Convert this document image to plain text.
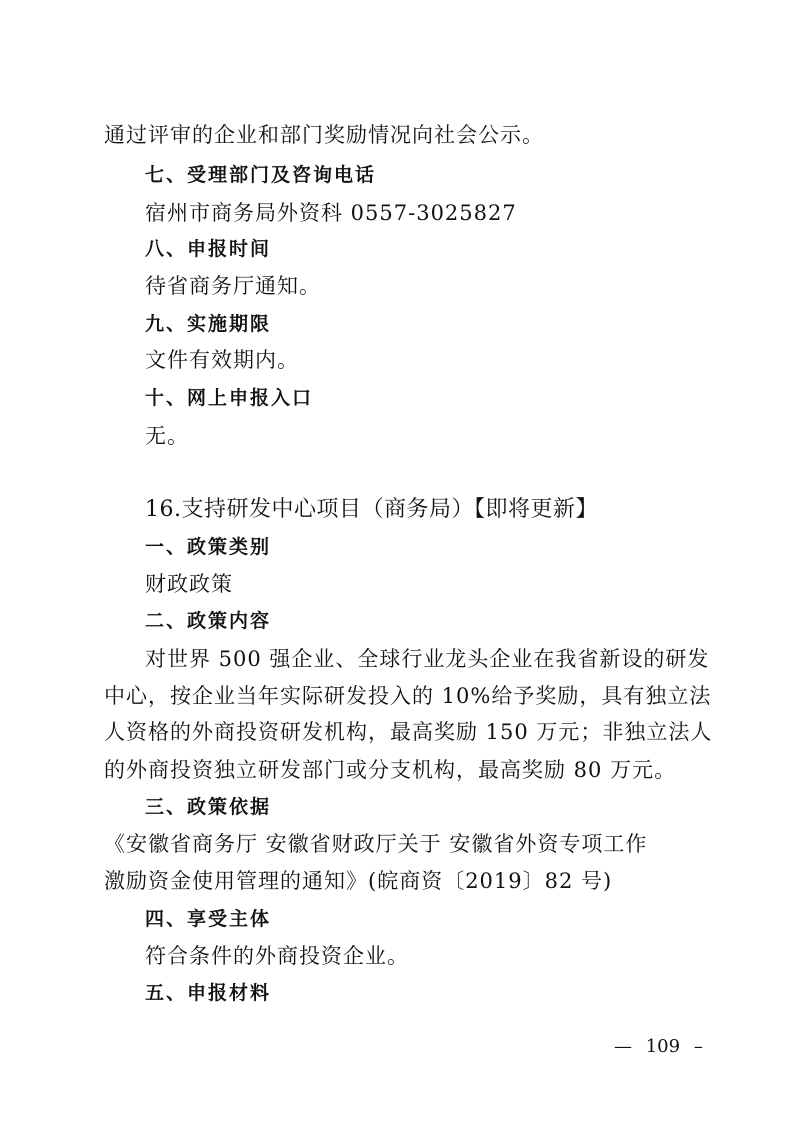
通过评审的企业和部门奖励情况向社会公示。
七、受理部门及咨询电话
宿州市商务局外资科 0557-3025827
八、申报时间
待省商务厅通知。
九、实施期限
文件有效期内。
十、网上申报入口
无。
16.支持研发中心项目（商务局）【即将更新】
一、政策类别
财政政策
二、政策内容
对世界 500 强企业、全球行业龙头企业在我省新设的研发
中心，按企业当年实际研发投入的 10%给予奖励，具有独立法
人资格的外商投资研发机构，最高奖励 150 万元；非独立法人
的外商投资独立研发部门或分支机构，最高奖励 80 万元。
三、政策依据
《安徽省商务厅 安徽省财政厅关于 安徽省外资专项工作
激励资金使用管理的通知》(皖商资〔2019〕82 号)
四、享受主体
符合条件的外商投资企业。
五、申报材料
— 109 –
